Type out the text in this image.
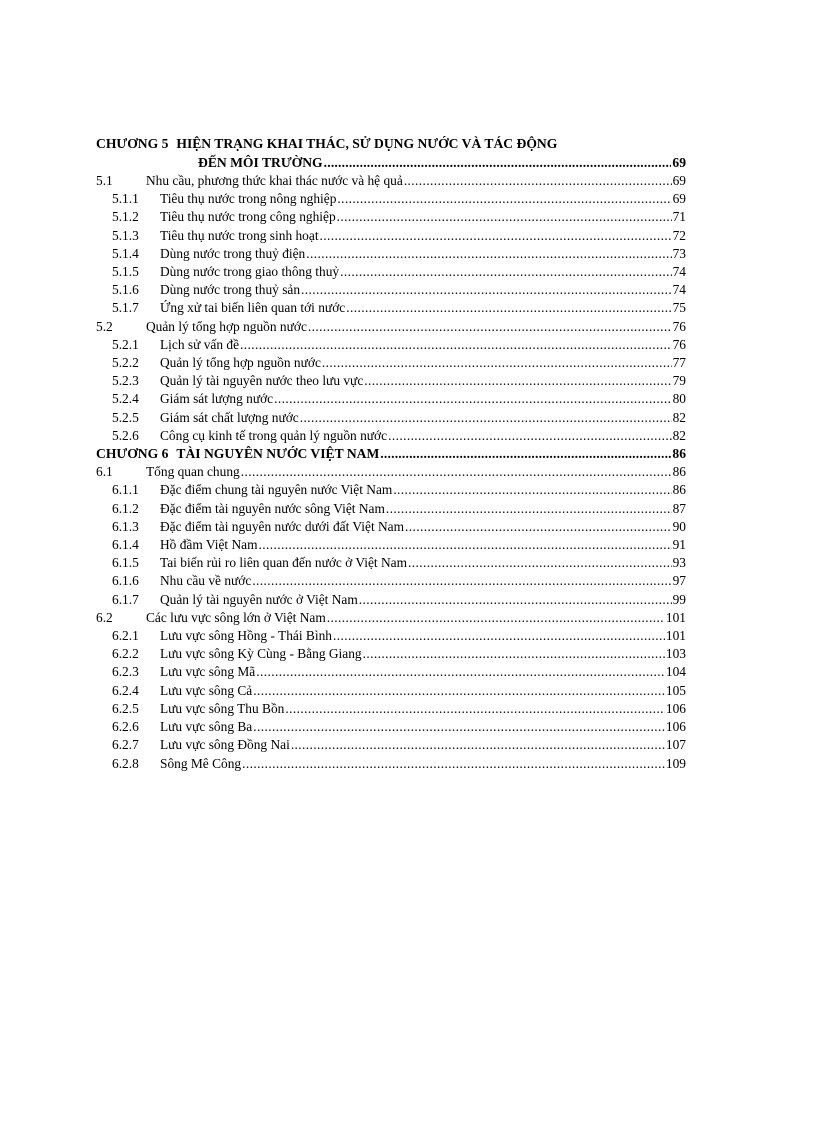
CHƯƠNG 5 HIỆN TRẠNG KHAI THÁC, SỬ DỤNG NƯỚC VÀ TÁC ĐỘNG
ĐẾN MÔI TRƯỜNG .....	69
5.1	Nhu cầu, phương thức khai thác nước và hệ quả .....	69
5.1.1	Tiêu thụ nước trong nông nghiệp .....	69
5.1.2	Tiêu thụ nước trong công nghiệp .....	71
5.1.3	Tiêu thụ nước trong sinh hoạt .....	72
5.1.4	Dùng nước trong thuỷ điện .....	73
5.1.5	Dùng nước trong giao thông thuỷ .....	74
5.1.6	Dùng nước trong thuỷ sản .....	74
5.1.7	Ứng xử tai biến liên quan tới nước .....	75
5.2	Quản lý tổng hợp nguồn nước .....	76
5.2.1	Lịch sử vấn đề .....	76
5.2.2	Quản lý tổng hợp nguồn nước .....	77
5.2.3	Quản lý tài nguyên nước theo lưu vực .....	79
5.2.4	Giám sát lượng nước .....	80
5.2.5	Giám sát chất lượng nước .....	82
5.2.6	Công cụ kinh tế trong quản lý nguồn nước .....	82
CHƯƠNG 6 TÀI NGUYÊN NƯỚC VIỆT NAM .....	86
6.1	Tổng quan chung .....	86
6.1.1	Đặc điểm chung tài nguyên nước Việt Nam .....	86
6.1.2	Đặc điểm tài nguyên nước sông Việt Nam .....	87
6.1.3	Đặc điểm tài nguyên nước dưới đất Việt Nam .....	90
6.1.4	Hồ đầm Việt Nam .....	91
6.1.5	Tai biến rủi ro liên quan đến nước ở Việt Nam .....	93
6.1.6	Nhu cầu về nước .....	97
6.1.7	Quản lý tài nguyên nước ở Việt Nam .....	99
6.2	Các lưu vực sông lớn ở Việt Nam .....	101
6.2.1	Lưu vực sông Hồng - Thái Bình .....	101
6.2.2	Lưu vực sông Kỳ Cùng - Bằng Giang .....	103
6.2.3	Lưu vực sông Mã .....	104
6.2.4	Lưu vực sông Cả .....	105
6.2.5	Lưu vực sông Thu Bồn .....	106
6.2.6	Lưu vực sông Ba .....	106
6.2.7	Lưu vực sông Đồng Nai .....	107
6.2.8	Sông Mê Công .....	109
